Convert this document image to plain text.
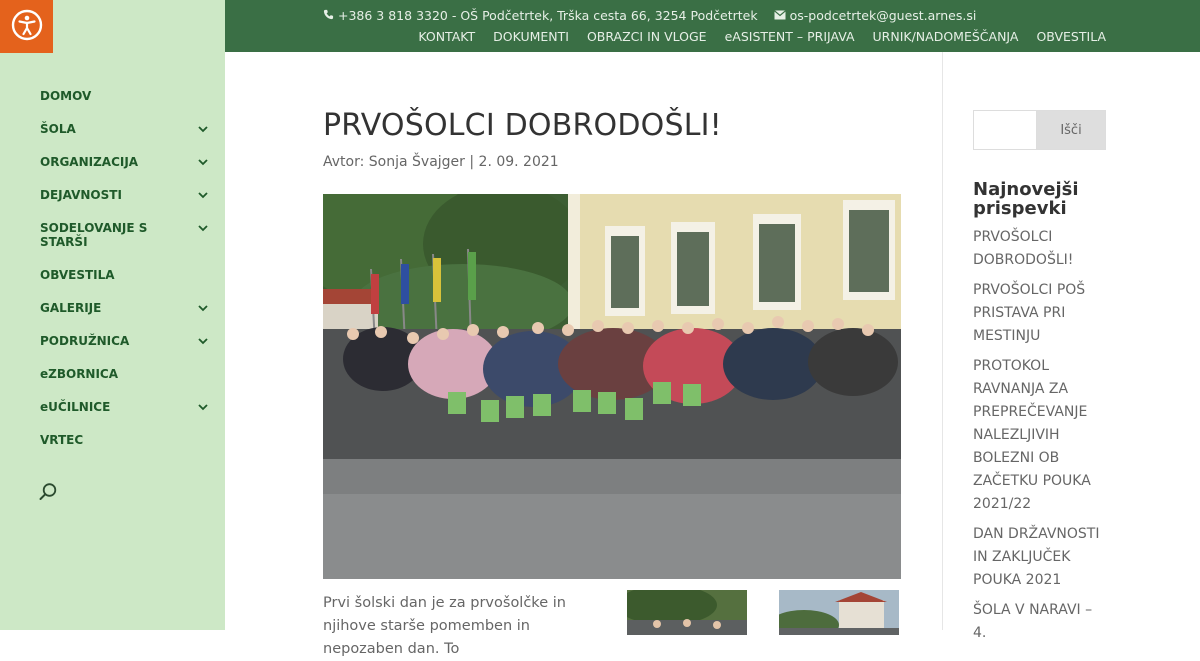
DOMOV
ŠOLA
ORGANIZACIJA
DEJAVNOSTI
SODELOVANJE S STARŠI
OBVESTILA
GALERIJE
PODRUŽNICA
eZBORNICA
eUČILNICE
VRTEC
+386 3 818 3320 - OŠ Podčetrtek, Trška cesta 66, 3254 Podčetrtek	os-podcetrtek@guest.arnes.si
KONTAKT DOKUMENTI OBRAZCI IN VLOGE eASISTENT – PRIJAVA URNIK/NADOMEŠČANJA OBVESTILA
PRVOŠOLCI DOBRODOŠLI!
Avtor: Sonja Švajger | 2. 09. 2021

Prvi šolski dan je za prvošolčke in njihove starše pomemben in nepozaben dan. To

Išči
Najnovejši prispevki
PRVOŠOLCI DOBRODOŠLI!
PRVOŠOLCI POŠ PRISTAVA PRI MESTINJU
PROTOKOL RAVNANJA ZA PREPREČEVANJE NALEZLJIVIH BOLEZNI OB ZAČETKU POUKA 2021/22
DAN DRŽAVNOSTI IN ZAKLJUČEK POUKA 2021
ŠOLA V NARAVI – 4.
